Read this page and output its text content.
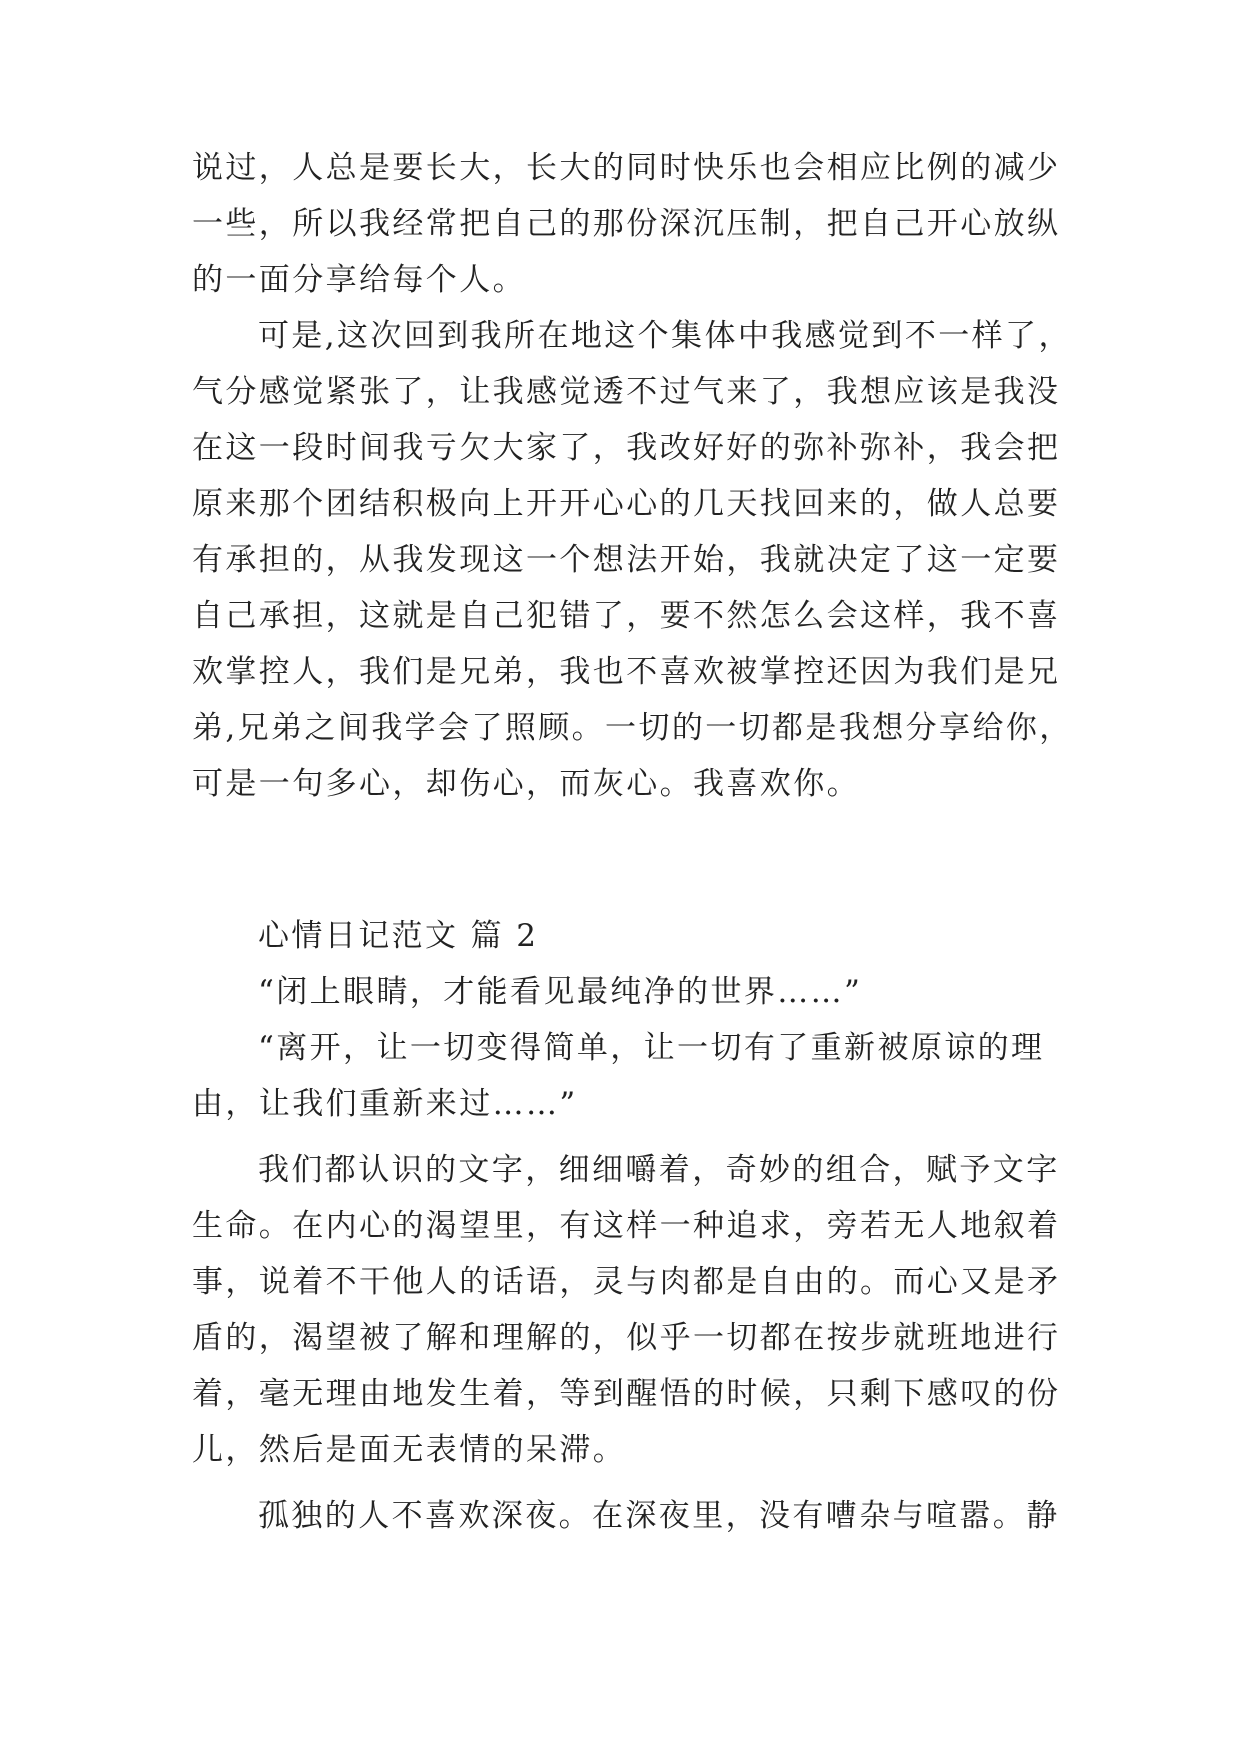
说过，人总是要长大，长大的同时快乐也会相应比例的减少
一些，所以我经常把自己的那份深沉压制，把自己开心放纵
的一面分享给每个人。
可是,这次回到我所在地这个集体中我感觉到不一样了，
气分感觉紧张了，让我感觉透不过气来了，我想应该是我没
在这一段时间我亏欠大家了，我改好好的弥补弥补，我会把
原来那个团结积极向上开开心心的几天找回来的，做人总要
有承担的，从我发现这一个想法开始，我就决定了这一定要
自己承担，这就是自己犯错了，要不然怎么会这样，我不喜
欢掌控人，我们是兄弟，我也不喜欢被掌控还因为我们是兄
弟,兄弟之间我学会了照顾。一切的一切都是我想分享给你，
可是一句多心，却伤心，而灰心。我喜欢你。
心情日记范文 篇 2
“闭上眼睛，才能看见最纯净的世界……”
“离开，让一切变得简单，让一切有了重新被原谅的理
由，让我们重新来过……”
我们都认识的文字，细细嚼着，奇妙的组合，赋予文字
生命。在内心的渴望里，有这样一种追求，旁若无人地叙着
事，说着不干他人的话语，灵与肉都是自由的。而心又是矛
盾的，渴望被了解和理解的，似乎一切都在按步就班地进行
着，毫无理由地发生着，等到醒悟的时候，只剩下感叹的份
儿，然后是面无表情的呆滞。
孤独的人不喜欢深夜。在深夜里，没有嘈杂与喧嚣。静
